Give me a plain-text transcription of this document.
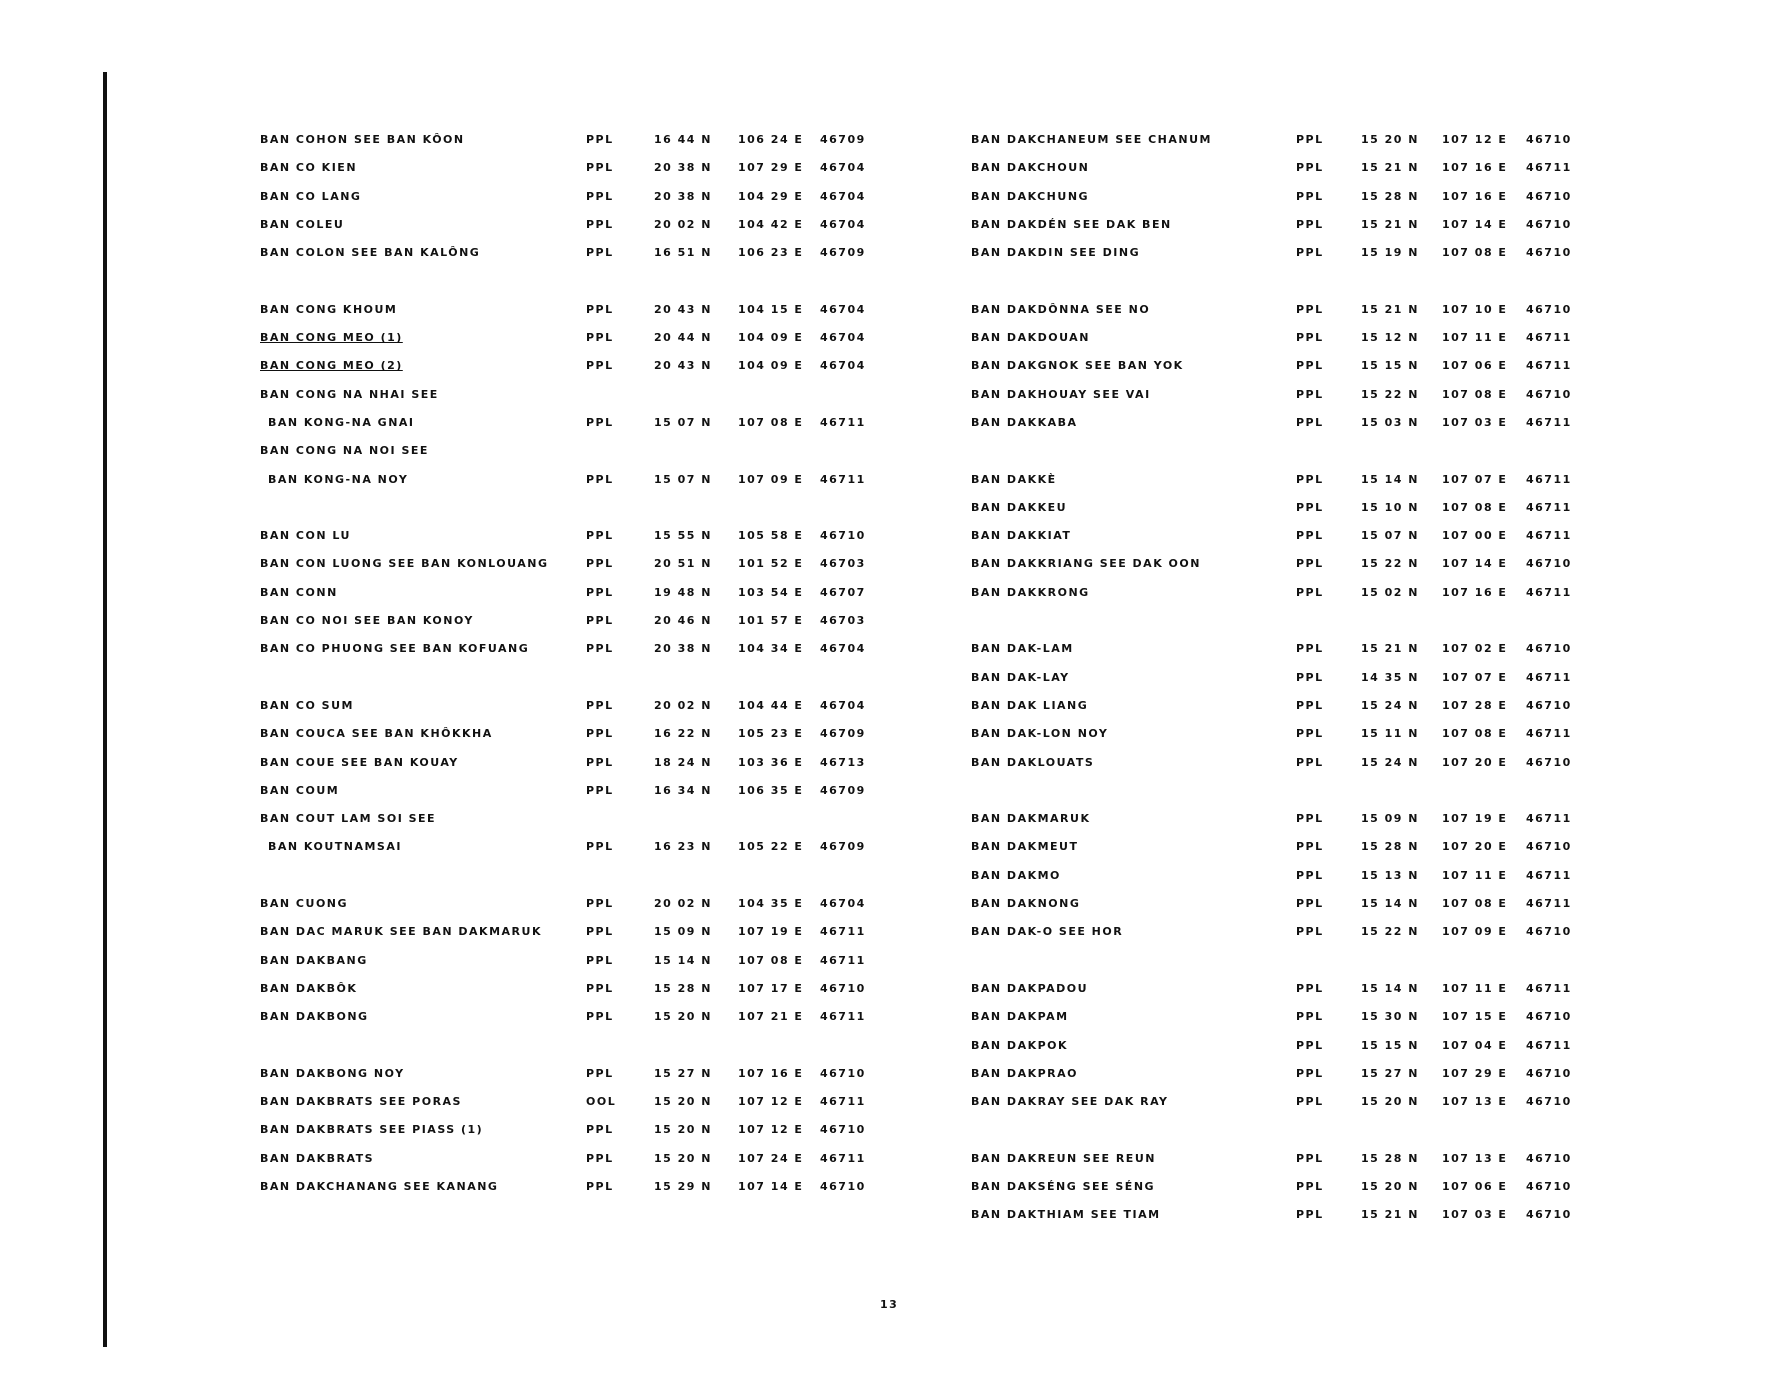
BAN COHON SEE BAN KÔON	PPL	16 44 N 106 24 E 46709
BAN CO KIEN	PPL	20 38 N 107 29 E 46704
BAN CO LANG	PPL	20 38 N 104 29 E 46704
BAN COLEU	PPL	20 02 N 104 42 E 46704
BAN COLON SEE BAN KALÔNG	PPL	16 51 N 106 23 E 46709
BAN CONG KHOUM	PPL	20 43 N 104 15 E 46704
BAN CONG MEO (1)	PPL	20 44 N 104 09 E 46704
BAN CONG MEO (2)	PPL	20 43 N 104 09 E 46704
BAN CONG NA NHAI SEE
BAN KONG-NA GNAI	PPL	15 07 N 107 08 E 46711
BAN CONG NA NOI SEE
BAN KONG-NA NOY	PPL	15 07 N 107 09 E 46711
BAN CON LU	PPL	15 55 N 105 58 E 46710
BAN CON LUONG SEE BAN KONLOUANG	PPL	20 51 N 101 52 E 46703
BAN CONN	PPL	19 48 N 103 54 E 46707
BAN CO NOI SEE BAN KONOY	PPL	20 46 N 101 57 E 46703
BAN CO PHUONG SEE BAN KOFUANG	PPL	20 38 N 104 34 E 46704
BAN CO SUM	PPL	20 02 N 104 44 E 46704
BAN COUCA SEE BAN KHÔKKHA	PPL	16 22 N 105 23 E 46709
BAN COUE SEE BAN KOUAY	PPL	18 24 N 103 36 E 46713
BAN COUM	PPL	16 34 N 106 35 E 46709
BAN COUT LAM SOI SEE
BAN KOUTNAMSAI	PPL	16 23 N 105 22 E 46709
BAN CUONG	PPL	20 02 N 104 35 E 46704
BAN DAC MARUK SEE BAN DAKMARUK	PPL	15 09 N 107 19 E 46711
BAN DAKBANG	PPL	15 14 N 107 08 E 46711
BAN DAKBÔK	PPL	15 28 N 107 17 E 46710
BAN DAKBONG	PPL	15 20 N 107 21 E 46711
BAN DAKBONG NOY	PPL	15 27 N 107 16 E 46710
BAN DAKBRATS SEE PORAS	OOL	15 20 N 107 12 E 46711
BAN DAKBRATS SEE PIASS (1)	PPL	15 20 N 107 12 E 46710
BAN DAKBRATS	PPL	15 20 N 107 24 E 46711
BAN DAKCHANANG SEE KANANG	PPL	15 29 N 107 14 E 46710
BAN DAKCHANEUM SEE CHANUM	PPL	15 20 N 107 12 E 46710
BAN DAKCHOUN	PPL	15 21 N 107 16 E 46711
BAN DAKCHUNG	PPL	15 28 N 107 16 E 46710
BAN DAKDÉN SEE DAK BEN	PPL	15 21 N 107 14 E 46710
BAN DAKDIN SEE DING	PPL	15 19 N 107 08 E 46710
BAN DAKDÔNNA SEE NO	PPL	15 21 N 107 10 E 46710
BAN DAKDOUAN	PPL	15 12 N 107 11 E 46711
BAN DAKGNOK SEE BAN YOK	PPL	15 15 N 107 06 E 46711
BAN DAKHOUAY SEE VAI	PPL	15 22 N 107 08 E 46710
BAN DAKKABA	PPL	15 03 N 107 03 E 46711
BAN DAKKÈ	PPL	15 14 N 107 07 E 46711
BAN DAKKEU	PPL	15 10 N 107 08 E 46711
BAN DAKKIAT	PPL	15 07 N 107 00 E 46711
BAN DAKKRIANG SEE DAK OON	PPL	15 22 N 107 14 E 46710
BAN DAKKRONG	PPL	15 02 N 107 16 E 46711
BAN DAK-LAM	PPL	15 21 N 107 02 E 46710
BAN DAK-LAY	PPL	14 35 N 107 07 E 46711
BAN DAK LIANG	PPL	15 24 N 107 28 E 46710
BAN DAK-LON NOY	PPL	15 11 N 107 08 E 46711
BAN DAKLOUATS	PPL	15 24 N 107 20 E 46710
BAN DAKMARUK	PPL	15 09 N 107 19 E 46711
BAN DAKMEUT	PPL	15 28 N 107 20 E 46710
BAN DAKMO	PPL	15 13 N 107 11 E 46711
BAN DAKNONG	PPL	15 14 N 107 08 E 46711
BAN DAK-O SEE HOR	PPL	15 22 N 107 09 E 46710
BAN DAKPADOU	PPL	15 14 N 107 11 E 46711
BAN DAKPAM	PPL	15 30 N 107 15 E 46710
BAN DAKPOK	PPL	15 15 N 107 04 E 46711
BAN DAKPRAO	PPL	15 27 N 107 29 E 46710
BAN DAKRAY SEE DAK RAY	PPL	15 20 N 107 13 E 46710
BAN DAKREUN SEE REUN	PPL	15 28 N 107 13 E 46710
BAN DAKSÉNG SEE SÉNG	PPL	15 20 N 107 06 E 46710
BAN DAKTHIAM SEE TIAM	PPL	15 21 N 107 03 E 46710
13
